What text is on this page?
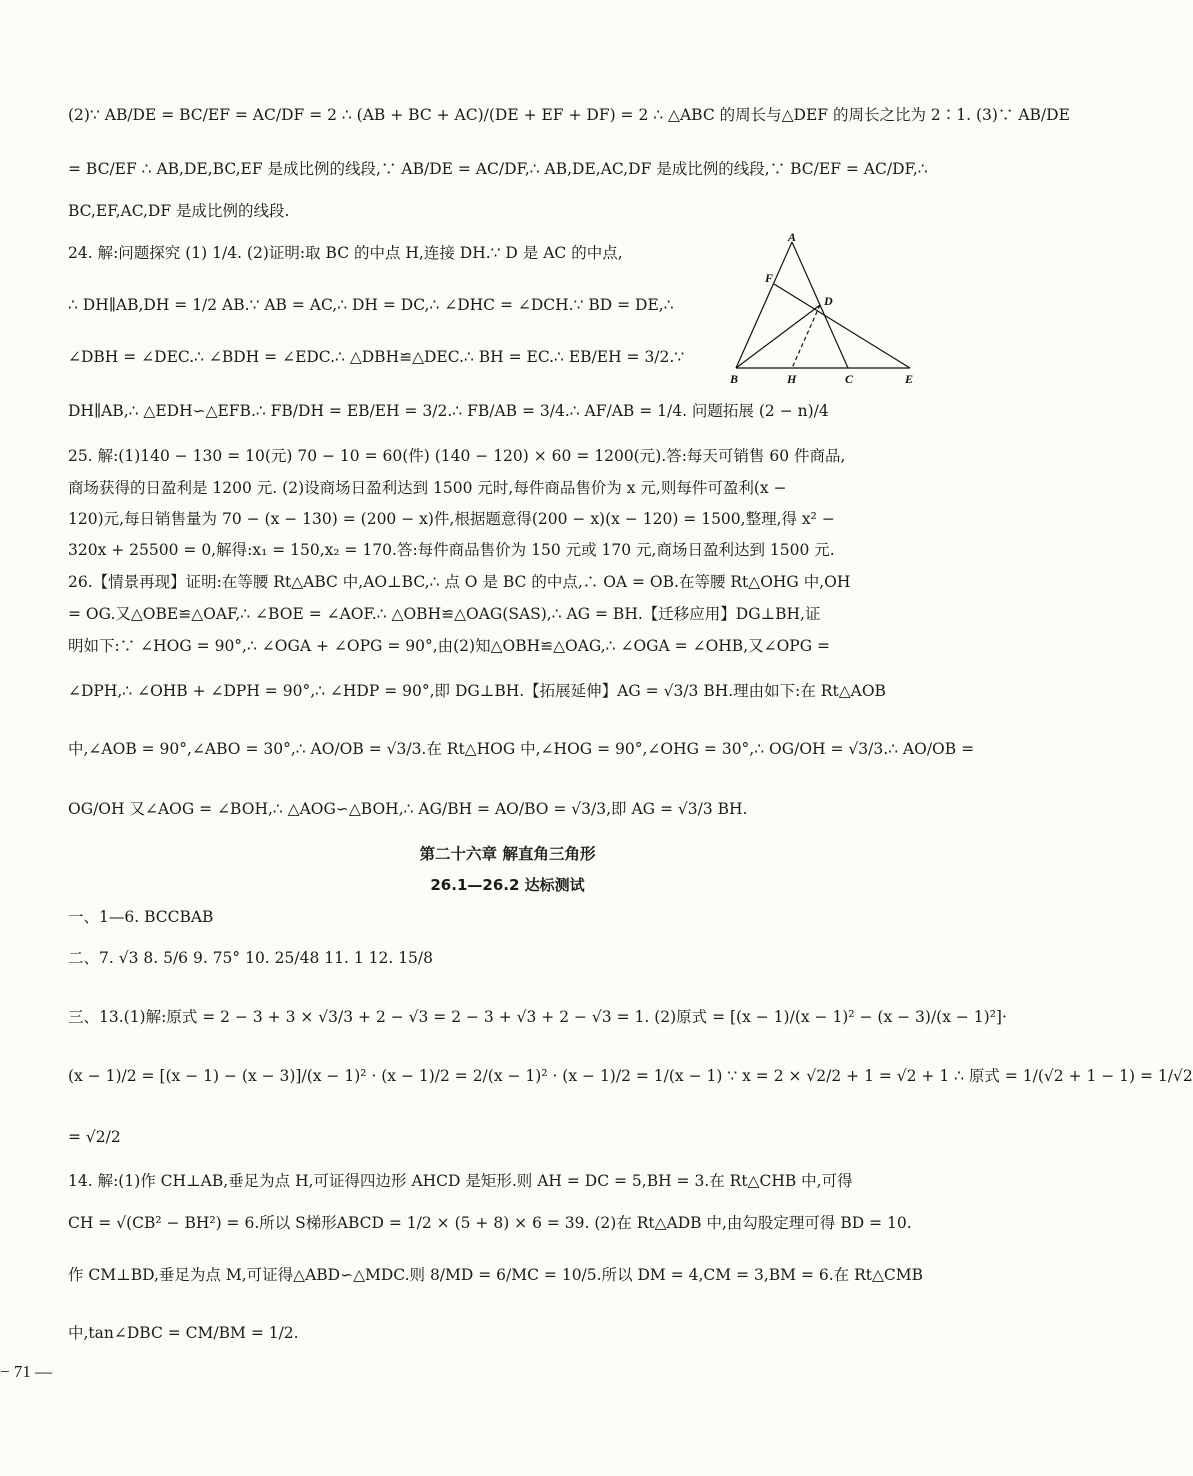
(2)∵ AB/DE = BC/EF = AC/DF = 2 ∴ (AB + BC + AC)/(DE + EF + DF) = 2 ∴ △ABC 的周长与△DEF 的周长之比为 2∶1. (3)∵ AB/DE
= BC/EF ∴ AB,DE,BC,EF 是成比例的线段,∵ AB/DE = AC/DF,∴ AB,DE,AC,DF 是成比例的线段,∵ BC/EF = AC/DF,∴
BC,EF,AC,DF 是成比例的线段.
24. 解:问题探究 (1) 1/4. (2)证明:取 BC 的中点 H,连接 DH.∵ D 是 AC 的中点,
∴ DH∥AB,DH = 1/2 AB.∵ AB = AC,∴ DH = DC,∴ ∠DHC = ∠DCH.∵ BD = DE,∴
∠DBH = ∠DEC.∴ ∠BDH = ∠EDC.∴ △DBH≌△DEC.∴ BH = EC.∴ EB/EH = 3/2.∵
DH∥AB,∴ △EDH∽△EFB.∴ FB/DH = EB/EH = 3/2.∴ FB/AB = 3/4.∴ AF/AB = 1/4. 问题拓展 (2 − n)/4
A
F
D
B	H	C	E
25. 解:(1)140 − 130 = 10(元) 70 − 10 = 60(件) (140 − 120) × 60 = 1200(元).答:每天可销售 60 件商品,
商场获得的日盈利是 1200 元. (2)设商场日盈利达到 1500 元时,每件商品售价为 x 元,则每件可盈利(x −
120)元,每日销售量为 70 − (x − 130) = (200 − x)件,根据题意得(200 − x)(x − 120) = 1500,整理,得 x² −
320x + 25500 = 0,解得:x₁ = 150,x₂ = 170.答:每件商品售价为 150 元或 170 元,商场日盈利达到 1500 元.
26.【情景再现】证明:在等腰 Rt△ABC 中,AO⊥BC,∴ 点 O 是 BC 的中点,∴ OA = OB.在等腰 Rt△OHG 中,OH
= OG.又△OBE≌△OAF,∴ ∠BOE = ∠AOF.∴ △OBH≌△OAG(SAS),∴ AG = BH.【迁移应用】DG⊥BH,证
明如下:∵ ∠HOG = 90°,∴ ∠OGA + ∠OPG = 90°,由(2)知△OBH≌△OAG,∴ ∠OGA = ∠OHB,又∠OPG =
∠DPH,∴ ∠OHB + ∠DPH = 90°,∴ ∠HDP = 90°,即 DG⊥BH.【拓展延伸】AG = √3/3 BH.理由如下:在 Rt△AOB
中,∠AOB = 90°,∠ABO = 30°,∴ AO/OB = √3/3.在 Rt△HOG 中,∠HOG = 90°,∠OHG = 30°,∴ OG/OH = √3/3.∴ AO/OB =
OG/OH 又∠AOG = ∠BOH,∴ △AOG∽△BOH,∴ AG/BH = AO/BO = √3/3,即 AG = √3/3 BH.
第二十六章 解直角三角形
26.1—26.2 达标测试
一、1—6. BCCBAB
二、7. √3 8. 5/6 9. 75° 10. 25/48 11. 1 12. 15/8
三、13.(1)解:原式 = 2 − 3 + 3 × √3/3 + 2 − √3 = 2 − 3 + √3 + 2 − √3 = 1. (2)原式 = [(x − 1)/(x − 1)² − (x − 3)/(x − 1)²]·
(x − 1)/2 = [(x − 1) − (x − 3)]/(x − 1)² · (x − 1)/2 = 2/(x − 1)² · (x − 1)/2 = 1/(x − 1) ∵ x = 2 × √2/2 + 1 = √2 + 1 ∴ 原式 = 1/(√2 + 1 − 1) = 1/√2
= √2/2
14. 解:(1)作 CH⊥AB,垂足为点 H,可证得四边形 AHCD 是矩形.则 AH = DC = 5,BH = 3.在 Rt△CHB 中,可得
CH = √(CB² − BH²) = 6.所以 S梯形ABCD = 1/2 × (5 + 8) × 6 = 39. (2)在 Rt△ADB 中,由勾股定理可得 BD = 10.
作 CM⊥BD,垂足为点 M,可证得△ABD∽△MDC.则 8/MD = 6/MC = 10/5.所以 DM = 4,CM = 3,BM = 6.在 Rt△CMB
中,tan∠DBC = CM/BM = 1/2.
− 71 —
